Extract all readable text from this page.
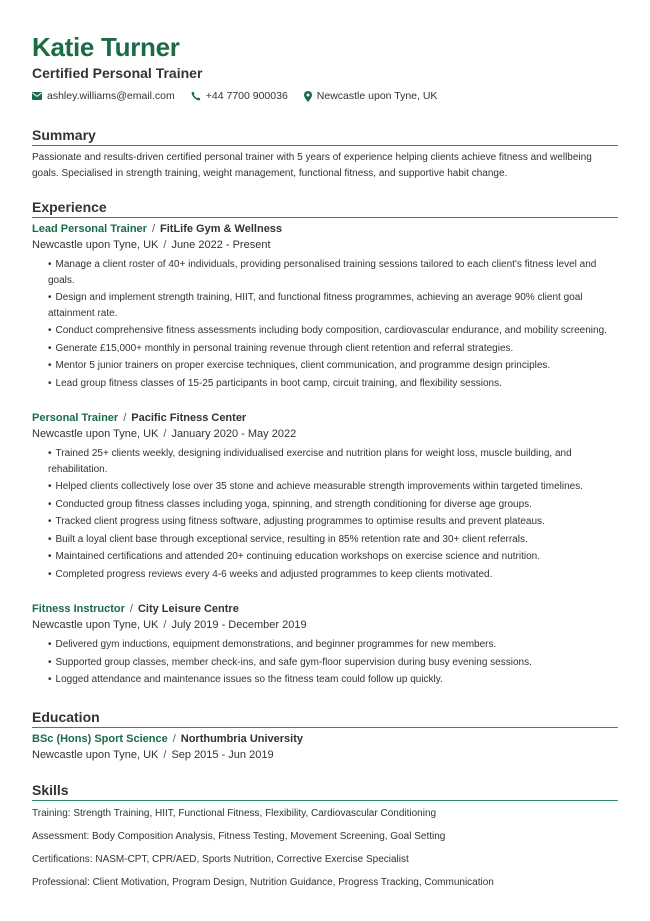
Katie Turner
Certified Personal Trainer
ashley.williams@email.com	+44 7700 900036	Newcastle upon Tyne, UK
Summary
Passionate and results-driven certified personal trainer with 5 years of experience helping clients achieve fitness and wellbeing goals. Specialised in strength training, weight management, functional fitness, and supportive habit change.
Experience
Lead Personal Trainer / FitLife Gym & Wellness
Newcastle upon Tyne, UK / June 2022 - Present
• Manage a client roster of 40+ individuals, providing personalised training sessions tailored to each client's fitness level and goals.
• Design and implement strength training, HIIT, and functional fitness programmes, achieving an average 90% client goal attainment rate.
• Conduct comprehensive fitness assessments including body composition, cardiovascular endurance, and mobility screening.
• Generate £15,000+ monthly in personal training revenue through client retention and referral strategies.
• Mentor 5 junior trainers on proper exercise techniques, client communication, and programme design principles.
• Lead group fitness classes of 15-25 participants in boot camp, circuit training, and flexibility sessions.
Personal Trainer / Pacific Fitness Center
Newcastle upon Tyne, UK / January 2020 - May 2022
• Trained 25+ clients weekly, designing individualised exercise and nutrition plans for weight loss, muscle building, and rehabilitation.
• Helped clients collectively lose over 35 stone and achieve measurable strength improvements within targeted timelines.
• Conducted group fitness classes including yoga, spinning, and strength conditioning for diverse age groups.
• Tracked client progress using fitness software, adjusting programmes to optimise results and prevent plateaus.
• Built a loyal client base through exceptional service, resulting in 85% retention rate and 30+ client referrals.
• Maintained certifications and attended 20+ continuing education workshops on exercise science and nutrition.
• Completed progress reviews every 4-6 weeks and adjusted programmes to keep clients motivated.
Fitness Instructor / City Leisure Centre
Newcastle upon Tyne, UK / July 2019 - December 2019
• Delivered gym inductions, equipment demonstrations, and beginner programmes for new members.
• Supported group classes, member check-ins, and safe gym-floor supervision during busy evening sessions.
• Logged attendance and maintenance issues so the fitness team could follow up quickly.
Education
BSc (Hons) Sport Science / Northumbria University
Newcastle upon Tyne, UK / Sep 2015 - Jun 2019
Skills
Training: Strength Training, HIIT, Functional Fitness, Flexibility, Cardiovascular Conditioning
Assessment: Body Composition Analysis, Fitness Testing, Movement Screening, Goal Setting
Certifications: NASM-CPT, CPR/AED, Sports Nutrition, Corrective Exercise Specialist
Professional: Client Motivation, Program Design, Nutrition Guidance, Progress Tracking, Communication
